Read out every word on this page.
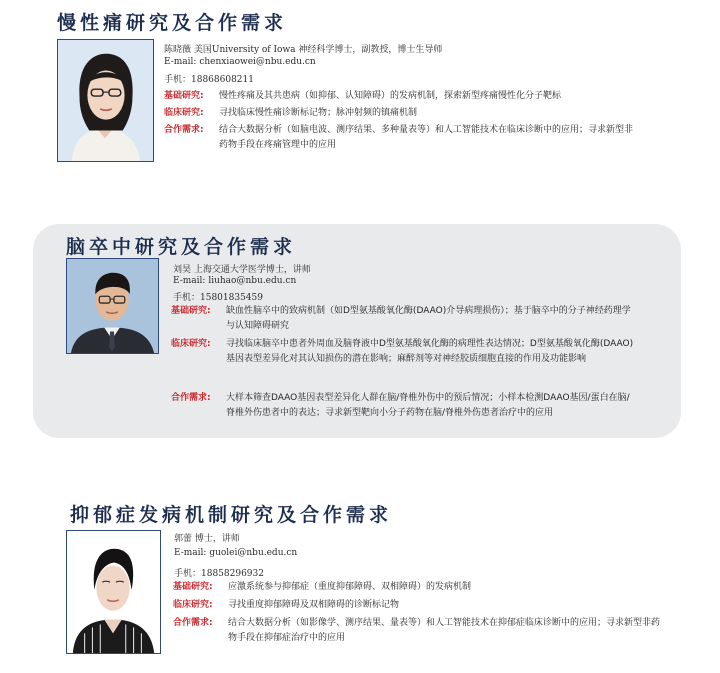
慢性痛研究及合作需求
陈晓薇 美国University of Iowa 神经科学博士，副教授，博士生导师
E-mail: chenxiaowei@nbu.edu.cn
手机：18868608211
基础研究: 慢性疼痛及其共患病（如抑郁、认知障碍）的发病机制，探索新型疼痛慢性化分子靶标
临床研究: 寻找临床慢性痛诊断标记物；脉冲射频的镇痛机制
合作需求: 结合大数据分析（如脑电波、测序结果、多种量表等）和人工智能技术在临床诊断中的应用；寻求新型非药物手段在疼痛管理中的应用
脑卒中研究及合作需求
刘昊 上海交通大学医学博士，讲师
E-mail: liuhao@nbu.edu.cn
手机：15801835459
基础研究: 缺血性脑卒中的致病机制（如D型氨基酸氧化酶(DAAO)介导病理损伤）；基于脑卒中的分子神经药理学与认知障碍研究
临床研究: 寻找临床脑卒中患者外周血及脑脊液中D型氨基酸氧化酶的病理性表达情况；D型氨基酸氧化酶(DAAO)基因表型差异化对其认知损伤的潜在影响；麻醉剂等对神经胶质细胞直接的作用及功能影响
合作需求: 大样本筛查DAAO基因表型差异化人群在脑/脊椎外伤中的预后情况；小样本检测DAAO基因/蛋白在脑/脊椎外伤患者中的表达；寻求新型靶向小分子药物在脑/脊椎外伤患者治疗中的应用
抑郁症发病机制研究及合作需求
郭蕾 博士，讲师
E-mail: guolei@nbu.edu.cn
手机：18858296932
基础研究: 应激系统参与抑郁症（重度抑郁障碍、双相障碍）的发病机制
临床研究: 寻找重度抑郁障碍及双相障碍的诊断标记物
合作需求: 结合大数据分析（如影像学、测序结果、量表等）和人工智能技术在抑郁症临床诊断中的应用；寻求新型非药物手段在抑郁症治疗中的应用
